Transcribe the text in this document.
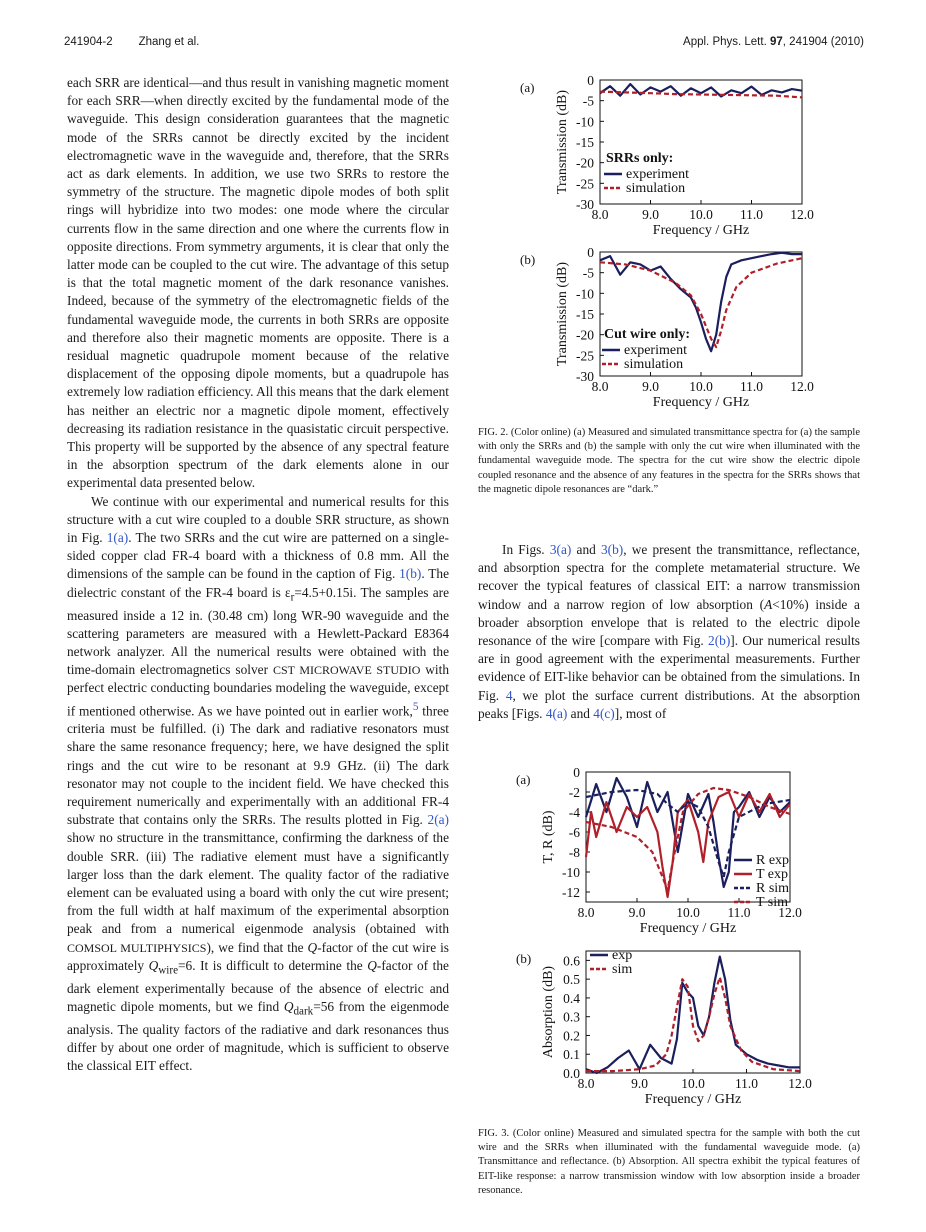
241904-2 Zhang et al.	Appl. Phys. Lett. 97, 241904 (2010)

each SRR are identical—and thus result in vanishing magnetic moment for each SRR—when directly excited by the fundamental mode of the waveguide. This design consideration guarantees that the magnetic mode of the SRRs cannot be directly excited by the incident electromagnetic wave in the waveguide and, therefore, that the SRRs act as dark elements. In addition, we use two SRRs to restore the symmetry of the structure. The magnetic dipole modes of both split rings will hybridize into two modes: one mode where the circular currents flow in the same direction and one where the currents flow in opposite directions. From symmetry arguments, it is clear that only the latter mode can be coupled to the cut wire. The advantage of this setup is that the total magnetic moment of the dark resonance vanishes. Indeed, because of the symmetry of the electromagnetic fields of the fundamental waveguide mode, the currents in both SRRs are opposite and therefore also their magnetic moments are opposite. There is a residual magnetic quadrupole moment because of the relative displacement of the opposing dipole moments, but a quadrupole has extremely low radiation efficiency. All this means that the dark element has neither an electric nor a magnetic dipole moment, effectively decreasing its radiation resistance in the quasistatic circuit perspective. This property will be supported by the absence of any spectral feature in the absorption spectrum of the dark elements alone in our experimental data presented below.

We continue with our experimental and numerical results for this structure with a cut wire coupled to a double SRR structure, as shown in Fig. 1(a). The two SRRs and the cut wire are patterned on a single-sided copper clad FR-4 board with a thickness of 0.8 mm. All the dimensions of the sample can be found in the caption of Fig. 1(b). The dielectric constant of the FR-4 board is $\varepsilon_r=4.5+0.15i$. The samples are measured inside a 12 in. (30.48 cm) long WR-90 waveguide and the scattering parameters are measured with a Hewlett-Packard E8364 network analyzer. All the numerical results were obtained with the time-domain electromagnetics solver CST MICROWAVE STUDIO with perfect electric conducting boundaries modeling the waveguide, except if mentioned otherwise. As we have pointed out in earlier work,$^5$ three criteria must be fulfilled. (i) The dark and radiative resonators must share the same resonance frequency; here, we have designed the split rings and the cut wire to be resonant at 9.9 GHz. (ii) The dark resonator may not couple to the incident field. We have checked this requirement numerically and experimentally with an additional FR-4 substrate that contains only the SRRs. The results plotted in Fig. 2(a) show no structure in the transmittance, confirming the darkness of the double SRR. (iii) The radiative element must have a significantly larger loss than the dark element. The quality factor of the radiative element can be evaluated using a board with only the cut wire present; from the full width at half maximum of the experimental absorption peak and from a numerical eigenmode analysis (obtained with COMSOL MULTIPHYSICS), we find that the Q-factor of the cut wire is approximately $Q_{wire}=6$. It is difficult to determine the Q-factor of the dark element experimentally because of the absence of electric and magnetic dipole moments, but we find $Q_{dark}=56$ from the eigenmode analysis. The quality factors of the radiative and dark resonances thus differ by about one order of magnitude, which is sufficient to observe the classical EIT effect.

(a)	0
-5
-10
-15
-20
-25
-30
8.0 9.0 10.0 11.0 12.0
Frequency / GHz
Transmission (dB)	SRRs only:
experiment
simulation
(b)	0
-5
-10
-15
-20
-25
-30
8.0 9.0 10.0 11.0 12.0
Frequency / GHz
Transmission (dB) Cut wire only:
experiment
simulation

FIG. 2. (Color online) (a) Measured and simulated transmittance spectra for (a) the sample with only the SRRs and (b) the sample with only the cut wire when illuminated with the fundamental waveguide mode. The spectra for the cut wire show the electric dipole coupled resonance and the absence of any features in the spectra for the SRRs shows that the magnetic dipole resonances are “dark.”

In Figs. 3(a) and 3(b), we present the transmittance, reflectance, and absorption spectra for the complete metamaterial structure. We recover the typical features of classical EIT: a narrow transmission window and a narrow region of low absorption (A<10%) inside a broader absorption envelope that is related to the electric dipole resonance of the wire [compare with Fig. 2(b)]. Our numerical results are in good agreement with the experimental measurements. Further evidence of EIT-like behavior can be obtained from the simulations. In Fig. 4, we plot the surface current distributions. At the absorption peaks [Figs. 4(a) and 4(c)], most of

(a)	0
-2
-4
-6
-8
-10
-12
8.0	9.0 10.0 11.0 12.0
Frequency / GHz
T, R (dB)	R exp
T exp
R sim
T sim
(b)
0.0
0.1
0.2
0.3
0.4
0.5
0.6
8.0	9.0 10.0 11.0 12.0
Frequency / GHz
Absorption (dB)
exp
sim

FIG. 3. (Color online) Measured and simulated spectra for the sample with both the cut wire and the SRRs when illuminated with the fundamental waveguide mode. (a) Transmittance and reflectance. (b) Absorption. All spectra exhibit the typical features of EIT-like response: a narrow transmission window with low absorption inside a broader resonance.
